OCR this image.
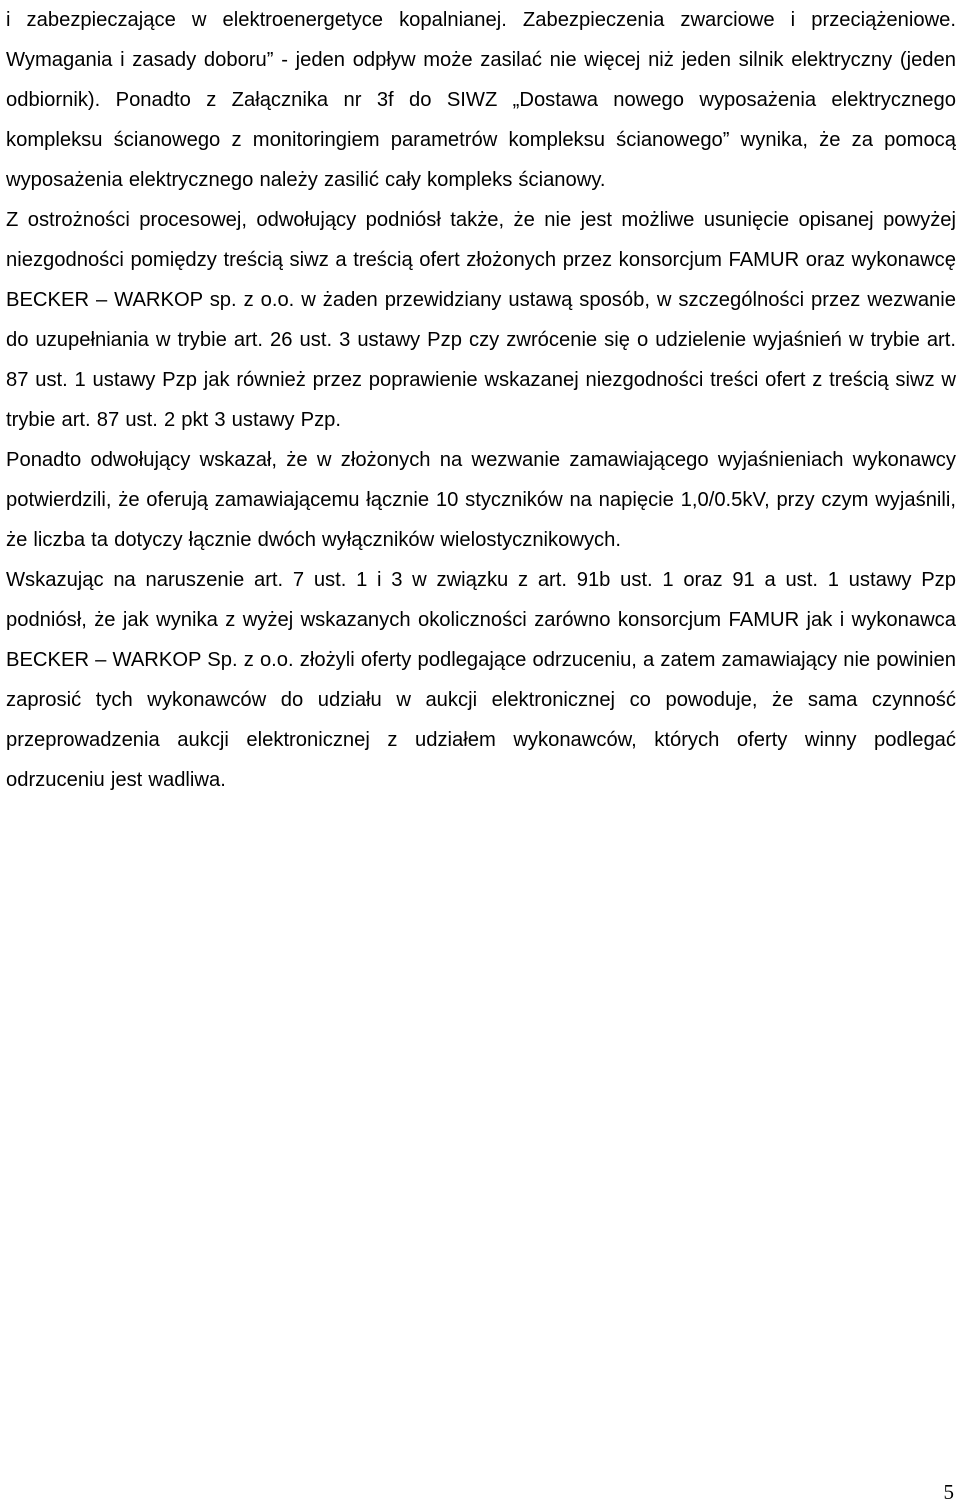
i zabezpieczające w elektroenergetyce kopalnianej. Zabezpieczenia zwarciowe i przeciążeniowe. Wymagania i zasady doboru” - jeden odpływ może zasilać nie więcej niż jeden silnik elektryczny (jeden odbiornik). Ponadto z Załącznika nr 3f do SIWZ „Dostawa nowego wyposażenia elektrycznego kompleksu ścianowego z monitoringiem parametrów kompleksu ścianowego” wynika, że za pomocą wyposażenia elektrycznego należy zasilić cały kompleks ścianowy.

Z ostrożności procesowej, odwołujący podniósł także, że nie jest możliwe usunięcie opisanej powyżej niezgodności pomiędzy treścią siwz a treścią ofert złożonych przez konsorcjum FAMUR oraz wykonawcę BECKER – WARKOP sp. z o.o. w żaden przewidziany ustawą sposób, w szczególności przez wezwanie do uzupełniania w trybie art. 26 ust. 3 ustawy Pzp czy zwrócenie się o udzielenie wyjaśnień w trybie art. 87 ust. 1 ustawy Pzp jak również przez poprawienie wskazanej niezgodności treści ofert z treścią siwz w trybie art. 87 ust. 2 pkt 3 ustawy Pzp.

Ponadto odwołujący wskazał, że w złożonych na wezwanie zamawiającego wyjaśnieniach wykonawcy potwierdzili, że oferują zamawiającemu łącznie 10 styczników na napięcie 1,0/0.5kV, przy czym wyjaśnili, że liczba ta dotyczy łącznie dwóch wyłączników wielostycznikowych.

Wskazując na naruszenie art. 7 ust. 1 i 3 w związku z art. 91b ust. 1 oraz 91 a ust. 1 ustawy Pzp podniósł, że jak wynika z wyżej wskazanych okoliczności zarówno konsorcjum FAMUR jak i wykonawca BECKER – WARKOP Sp. z o.o. złożyli oferty podlegające odrzuceniu, a zatem zamawiający nie powinien zaprosić tych wykonawców do udziału w aukcji elektronicznej co powoduje, że sama czynność przeprowadzenia aukcji elektronicznej z udziałem wykonawców, których oferty winny podlegać odrzuceniu jest wadliwa.

5
